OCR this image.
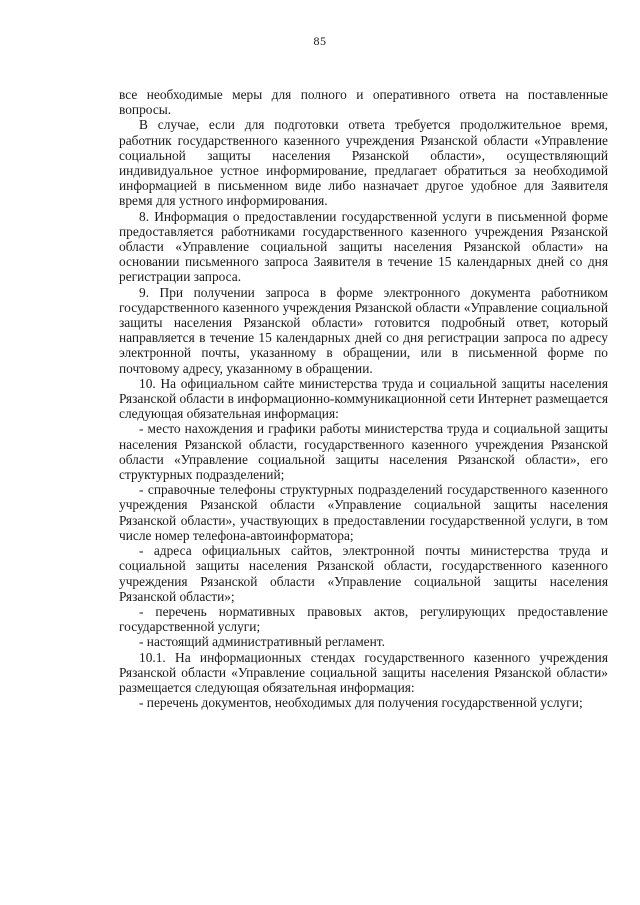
85

все необходимые меры для полного и оперативного ответа на поставленные вопросы.

В случае, если для подготовки ответа требуется продолжительное время, работник государственного казенного учреждения Рязанской области «Управление социальной защиты населения Рязанской области», осуществляющий индивидуальное устное информирование, предлагает обратиться за необходимой информацией в письменном виде либо назначает другое удобное для Заявителя время для устного информирования.

8. Информация о предоставлении государственной услуги в письменной форме предоставляется работниками государственного казенного учреждения Рязанской области «Управление социальной защиты населения Рязанской области» на основании письменного запроса Заявителя в течение 15 календарных дней со дня регистрации запроса.

9. При получении запроса в форме электронного документа работником государственного казенного учреждения Рязанской области «Управление социальной защиты населения Рязанской области» готовится подробный ответ, который направляется в течение 15 календарных дней со дня регистрации запроса по адресу электронной почты, указанному в обращении, или в письменной форме по почтовому адресу, указанному в обращении.

10. На официальном сайте министерства труда и социальной защиты населения Рязанской области в информационно-коммуникационной сети Интернет размещается следующая обязательная информация:

- место нахождения и графики работы министерства труда и социальной защиты населения Рязанской области, государственного казенного учреждения Рязанской области «Управление социальной защиты населения Рязанской области», его структурных подразделений;

- справочные телефоны структурных подразделений государственного казенного учреждения Рязанской области «Управление социальной защиты населения Рязанской области», участвующих в предоставлении государственной услуги, в том числе номер телефона-автоинформатора;

- адреса официальных сайтов, электронной почты министерства труда и социальной защиты населения Рязанской области, государственного казенного учреждения Рязанской области «Управление социальной защиты населения Рязанской области»;

- перечень нормативных правовых актов, регулирующих предоставление государственной услуги;

- настоящий административный регламент.

10.1. На информационных стендах государственного казенного учреждения Рязанской области «Управление социальной защиты населения Рязанской области» размещается следующая обязательная информация:

- перечень документов, необходимых для получения государственной услуги;
